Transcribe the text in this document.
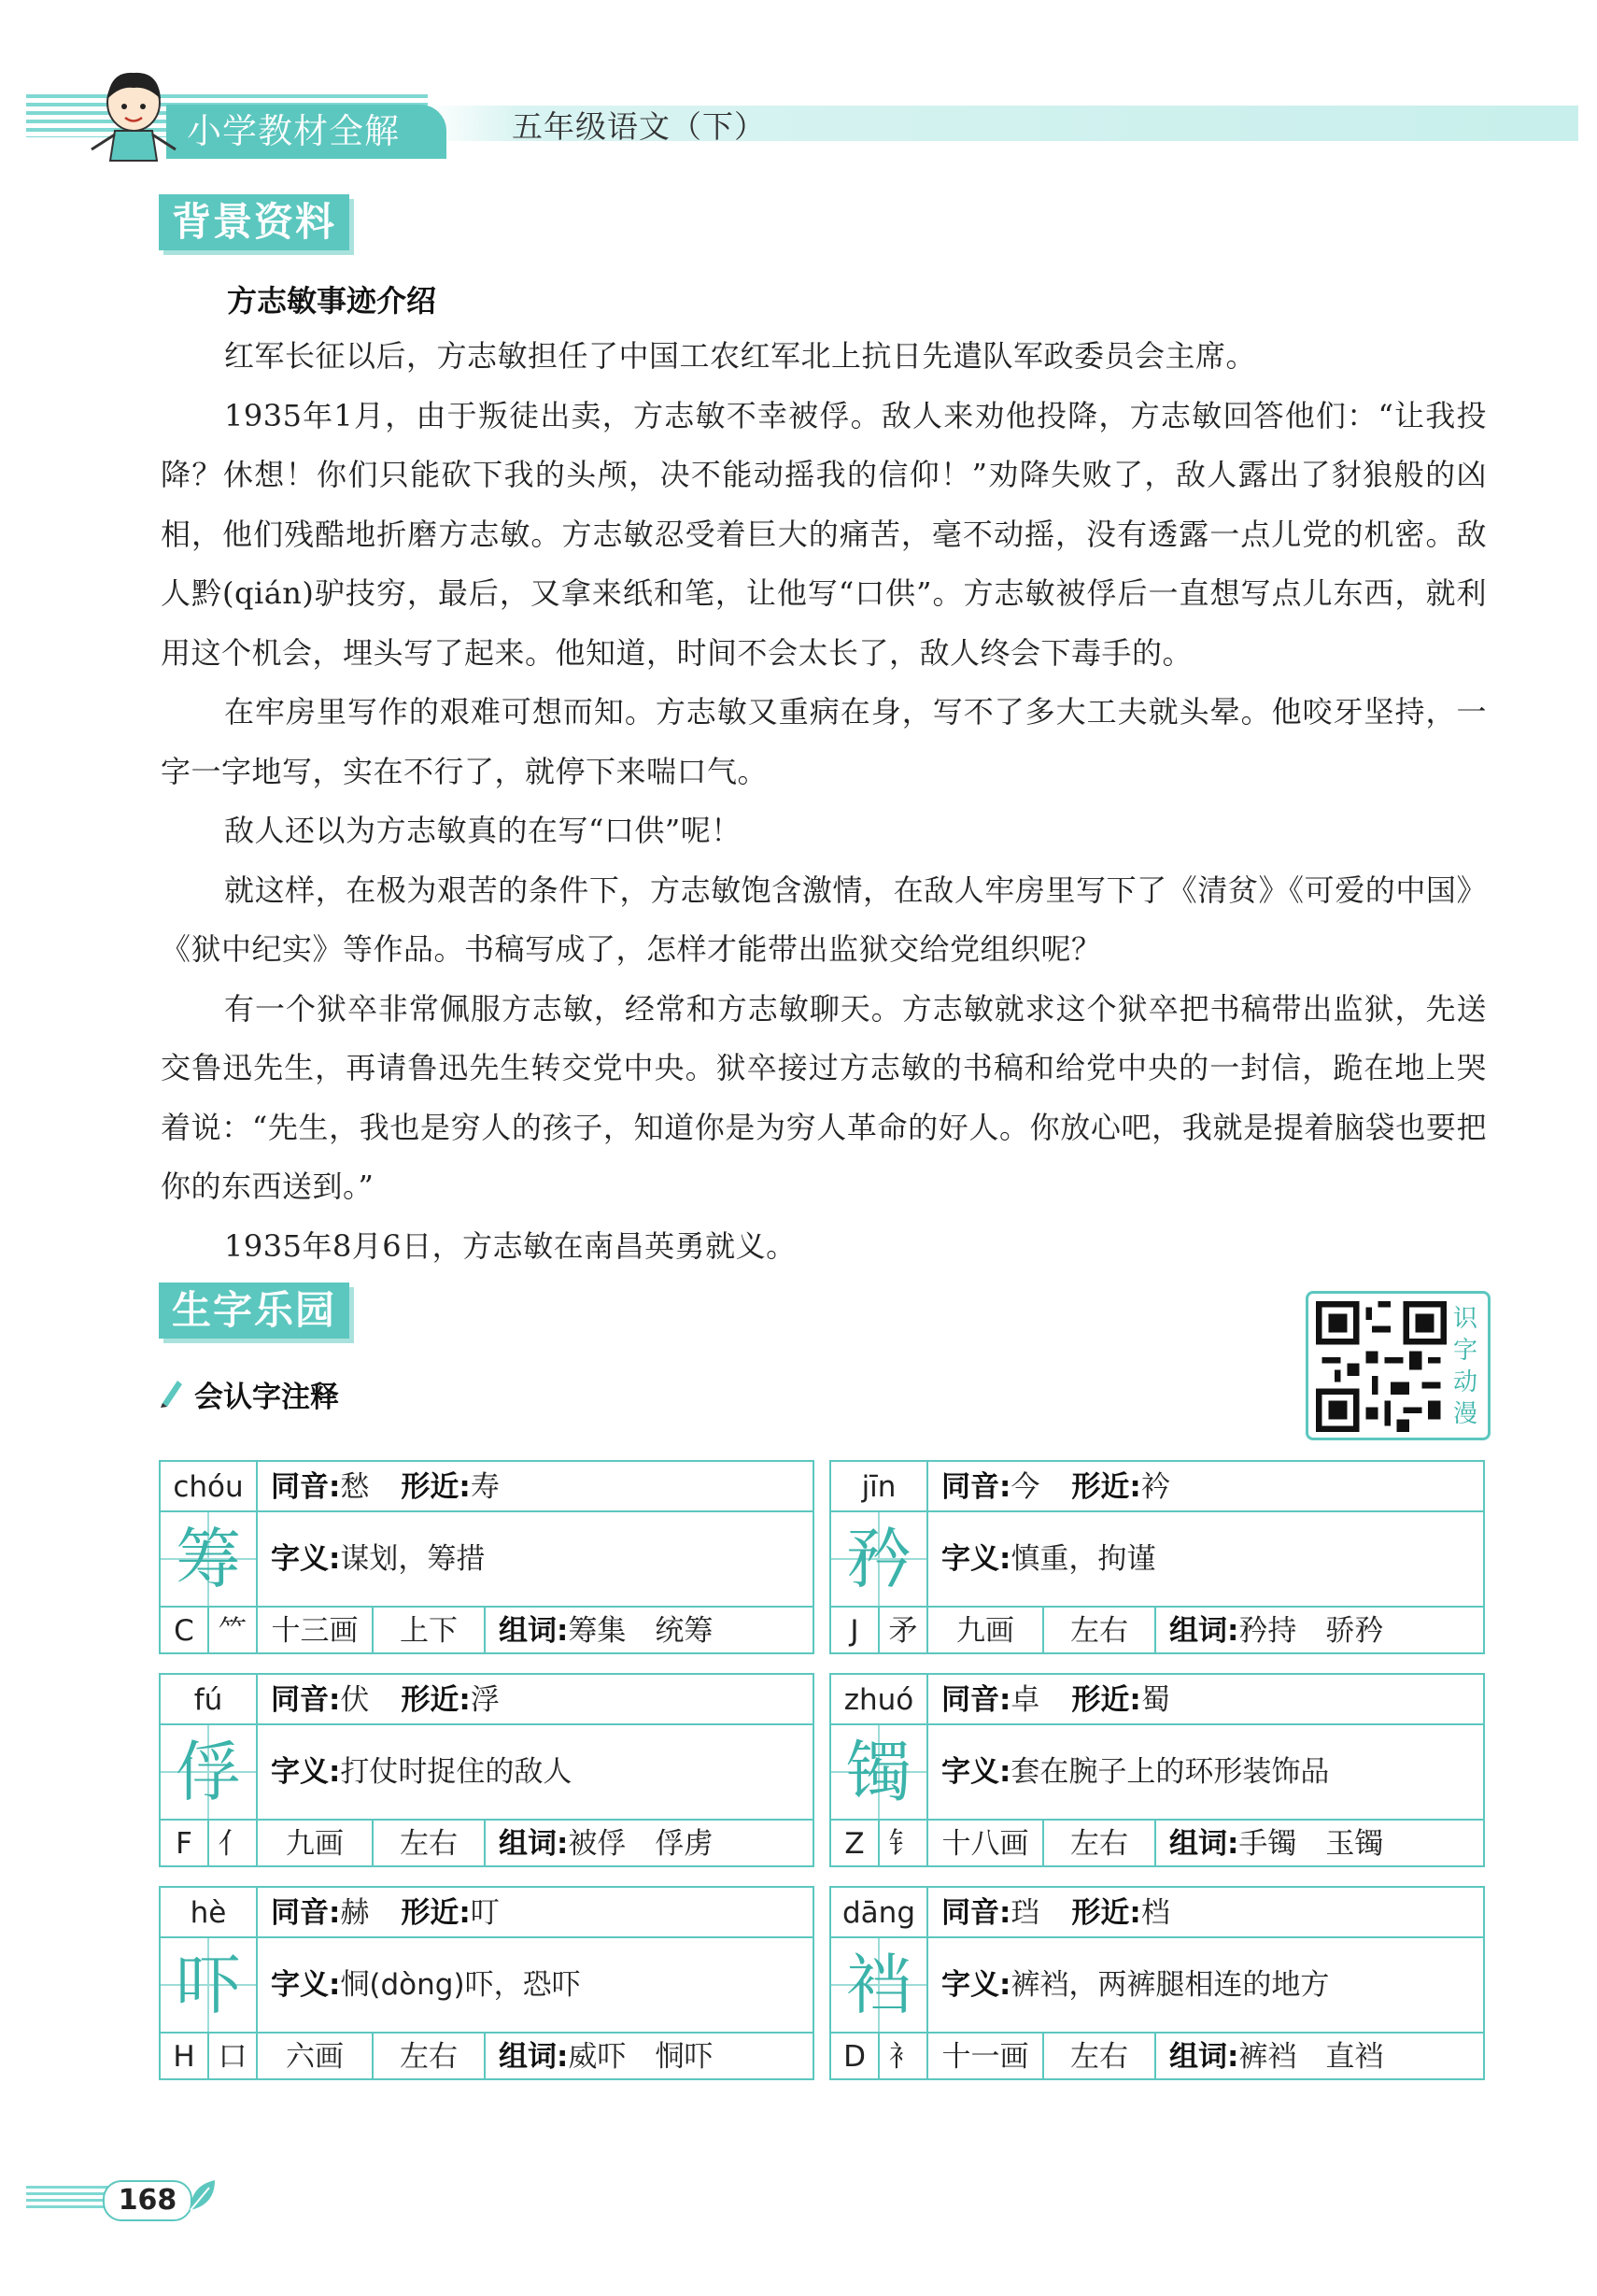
小学教材全解	五年级语文（下）
背景资料
方志敏事迹介绍

红军长征以后，方志敏担任了中国工农红军北上抗日先遣队军政委员会主席。

1935年1月，由于叛徒出卖，方志敏不幸被俘。敌人来劝他投降，方志敏回答他们：“让我投降？休想！你们只能砍下我的头颅，决不能动摇我的信仰！”劝降失败了，敌人露出了豺狼般的凶相，他们残酷地折磨方志敏。方志敏忍受着巨大的痛苦，毫不动摇，没有透露一点儿党的机密。敌人黔(qián)驴技穷，最后，又拿来纸和笔，让他写“口供”。方志敏被俘后一直想写点儿东西，就利用这个机会，埋头写了起来。他知道，时间不会太长了，敌人终会下毒手的。

在牢房里写作的艰难可想而知。方志敏又重病在身，写不了多大工夫就头晕。他咬牙坚持，一字一字地写，实在不行了，就停下来喘口气。

敌人还以为方志敏真的在写“口供”呢！

就这样，在极为艰苦的条件下，方志敏饱含激情，在敌人牢房里写下了《清贫》《可爱的中国》《狱中纪实》等作品。书稿写成了，怎样才能带出监狱交给党组织呢？

有一个狱卒非常佩服方志敏，经常和方志敏聊天。方志敏就求这个狱卒把书稿带出监狱，先送交鲁迅先生，再请鲁迅先生转交党中央。狱卒接过方志敏的书稿和给党中央的一封信，跪在地上哭着说：“先生，我也是穷人的孩子，知道你是为穷人革命的好人。你放心吧，我就是提着脑袋也要把你的东西送到。”

1935年8月6日，方志敏在南昌英勇就义。

生字乐园
会认字注释
识字动漫
chóu 同音:愁 形近:寿
筹	字义:谋划，筹措
C ⺮ 十三画	上下	组词: 筹集　统筹
jīn	同音:今 形近:衿
矜	字义:慎重，拘谨
J	矛	九画	左右	组词: 矜持　骄矜
fú	同音:伏 形近:浮
俘	字义:打仗时捉住的敌人
F 亻	九画	左右	组词: 被俘　俘虏
zhuó 同音:卓 形近:蜀
镯	字义:套在腕子上的环形装饰品
Z 钅 十八画	左右	组词: 手镯　玉镯
hè	同音:赫 形近:叮
吓	字义:恫(dòng)吓，恐吓
H 口	六画	左右	组词: 威吓　恫吓
dāng 同音:珰 形近:档
裆	字义:裤裆，两裤腿相连的地方
D 衤 十一画	左右	组词: 裤裆　直裆
168
